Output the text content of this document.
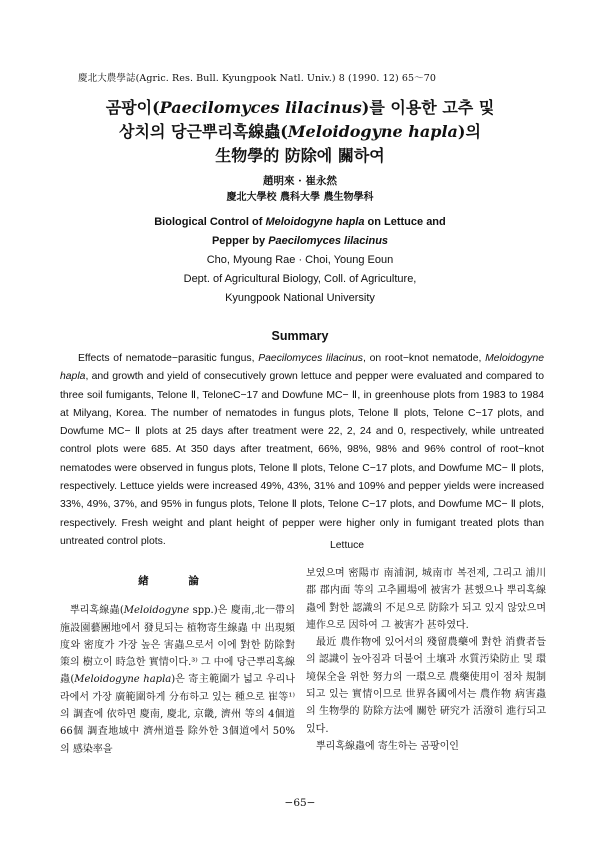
慶北大農學誌(Agric. Res. Bull. Kyungpook Natl. Univ.) 8 (1990. 12) 65～70
곰팡이(Paecilomyces lilacinus)를 이용한 고추 및
상치의 당근뿌리혹線蟲(Meloidogyne hapla)의
生物學的 防除에 關하여
趙明來 · 崔永然
慶北大學校 農科大學 農生物學科
Biological Control of Meloidogyne hapla on Lettuce and
Pepper by Paecilomyces lilacinus
Cho, Myoung Rae · Choi, Young Eoun
Dept. of Agricultural Biology, Coll. of Agriculture,
Kyungpook National University
Summary

Effects of nematode−parasitic fungus, Paecilomyces lilacinus, on root−knot nematode, Meloidogyne hapla, and growth and yield of consecutively grown lettuce and pepper were evaluated and compared to three soil fumigants, Telone Ⅱ, TeloneC−17 and Dowfune MC− Ⅱ, in greenhouse plots from 1983 to 1984 at Milyang, Korea. The number of nematodes in fungus plots, Telone Ⅱ plots, Telone C−17 plots, and Dowfume MC− Ⅱ plots at 25 days after treatment were 22, 2, 24 and 0, respectively, while untreated control plots were 685. At 350 days after treatment, 66%, 98%, 98% and 96% control of root−knot nematodes were observed in fungus plots, Telone Ⅱ plots, Telone C−17 plots, and Dowfume MC− Ⅱ plots, respectively. Lettuce yields were increased 49%, 43%, 31% and 109% and pepper yields were increased 33%, 49%, 37%, and 95% in fungus plots, Telone Ⅱ plots, Telone C−17 plots, and Dowfume MC− Ⅱ plots, respectively. Fresh weight and plant height of pepper were higher only in fumigant treated plots than untreated control plots.	Lettuce
緖 論

뿌리혹線蟲(Meloidogyne spp.)은 慶南,北ㅡ帶의 施設園藝團地에서 發見되는 植物寄生線蟲 中 出現頻度와 密度가 가장 높은 害蟲으로서 이에 對한 防除對策의 樹立이 時急한 實情이다.³⁾ 그 中에 당근뿌리혹線蟲(Meloidogyne hapla)은 寄主範圍가 넓고 우리나라에서 가장 廣範圍하게 分布하고 있는 種으로 崔等¹⁾의 調査에 依하면 慶南, 慶北, 京畿, 濟州 等의 4個道 66個 調査地域中 濟州道를 除外한 3個道에서 50%의 感染率을

보였으며 密陽市 南浦洞, 城南市 복전제, 그리고 浦川郡 郡内面 等의 고추圃場에 被害가 甚했으나 뿌리혹線蟲에 對한 認識의 不足으로 防除가 되고 있지 않았으며 連作으로 因하여 그 被害가 甚하였다.

最近 農作物에 있어서의 殘留農藥에 對한 消費者들의 認識이 높아짐과 더불어 土壤과 水質汚染防止 및 環境保全을 위한 努力의 一環으로 農藥使用이 점차 規制되고 있는 實情이므로 世界各國에서는 農作物 病害蟲의 生物學的 防除方法에 關한 硏究가 活潑히 進行되고 있다.

뿌리혹線蟲에 寄生하는 곰팡이인

−65−
